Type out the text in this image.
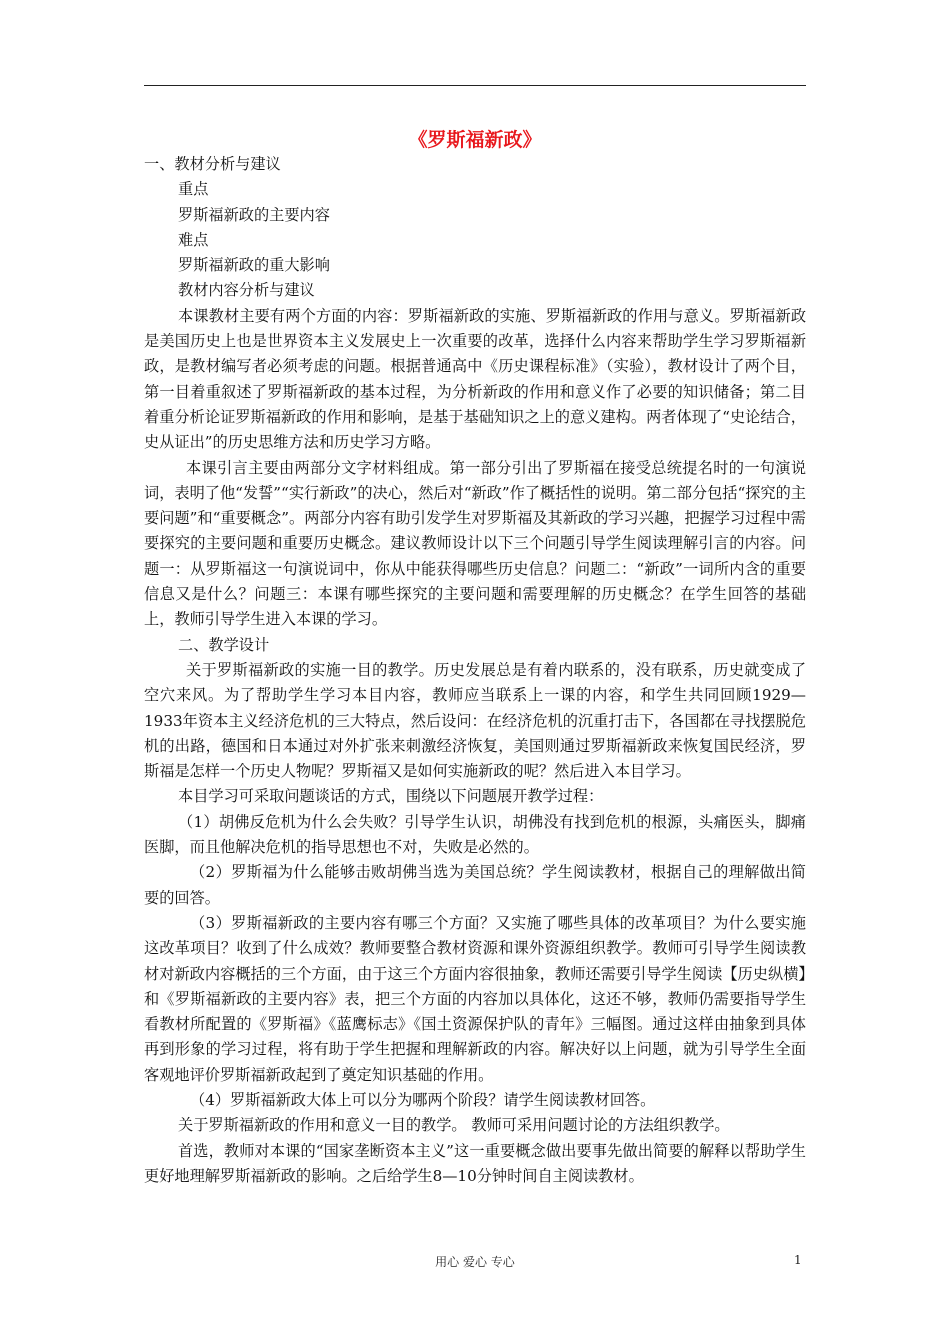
《罗斯福新政》

一、教材分析与建议

重点

罗斯福新政的主要内容

难点

罗斯福新政的重大影响

教材内容分析与建议

本课教材主要有两个方面的内容：罗斯福新政的实施、罗斯福新政的作用与意义。罗斯福新政是美国历史上也是世界资本主义发展史上一次重要的改革，选择什么内容来帮助学生学习罗斯福新政，是教材编写者必须考虑的问题。根据普通高中《历史课程标准》（实验），教材设计了两个目，第一目着重叙述了罗斯福新政的基本过程，为分析新政的作用和意义作了必要的知识储备；第二目着重分析论证罗斯福新政的作用和影响，是基于基础知识之上的意义建构。两者体现了“史论结合，史从证出”的历史思维方法和历史学习方略。

本课引言主要由两部分文字材料组成。第一部分引出了罗斯福在接受总统提名时的一句演说词，表明了他“发誓”“实行新政”的决心，然后对“新政”作了概括性的说明。第二部分包括“探究的主要问题”和“重要概念”。两部分内容有助引发学生对罗斯福及其新政的学习兴趣，把握学习过程中需要探究的主要问题和重要历史概念。建议教师设计以下三个问题引导学生阅读理解引言的内容。问题一：从罗斯福这一句演说词中，你从中能获得哪些历史信息？问题二：“新政”一词所内含的重要信息又是什么？问题三：本课有哪些探究的主要问题和需要理解的历史概念？在学生回答的基础上，教师引导学生进入本课的学习。

二、教学设计

关于罗斯福新政的实施一目的教学。历史发展总是有着内联系的，没有联系，历史就变成了空穴来风。为了帮助学生学习本目内容，教师应当联系上一课的内容，和学生共同回顾1929—1933年资本主义经济危机的三大特点，然后设问：在经济危机的沉重打击下，各国都在寻找摆脱危机的出路，德国和日本通过对外扩张来刺激经济恢复，美国则通过罗斯福新政来恢复国民经济，罗斯福是怎样一个历史人物呢？罗斯福又是如何实施新政的呢？然后进入本目学习。

本目学习可采取问题谈话的方式，围绕以下问题展开教学过程：

（1）胡佛反危机为什么会失败？引导学生认识，胡佛没有找到危机的根源，头痛医头，脚痛医脚，而且他解决危机的指导思想也不对，失败是必然的。

（2）罗斯福为什么能够击败胡佛当选为美国总统？学生阅读教材，根据自己的理解做出简要的回答。

（3）罗斯福新政的主要内容有哪三个方面？又实施了哪些具体的改革项目？为什么要实施这改革项目？收到了什么成效？教师要整合教材资源和课外资源组织教学。教师可引导学生阅读教材对新政内容概括的三个方面，由于这三个方面内容很抽象，教师还需要引导学生阅读【历史纵横】和《罗斯福新政的主要内容》表，把三个方面的内容加以具体化，这还不够，教师仍需要指导学生看教材所配置的《罗斯福》《蓝鹰标志》《国土资源保护队的青年》三幅图。通过这样由抽象到具体再到形象的学习过程，将有助于学生把握和理解新政的内容。解决好以上问题，就为引导学生全面客观地评价罗斯福新政起到了奠定知识基础的作用。

（4）罗斯福新政大体上可以分为哪两个阶段？请学生阅读教材回答。

关于罗斯福新政的作用和意义一目的教学。 教师可采用问题讨论的方法组织教学。

首选，教师对本课的“国家垄断资本主义”这一重要概念做出要事先做出简要的解释以帮助学生更好地理解罗斯福新政的影响。之后给学生8—10分钟时间自主阅读教材。

用心 爱心 专心	1
